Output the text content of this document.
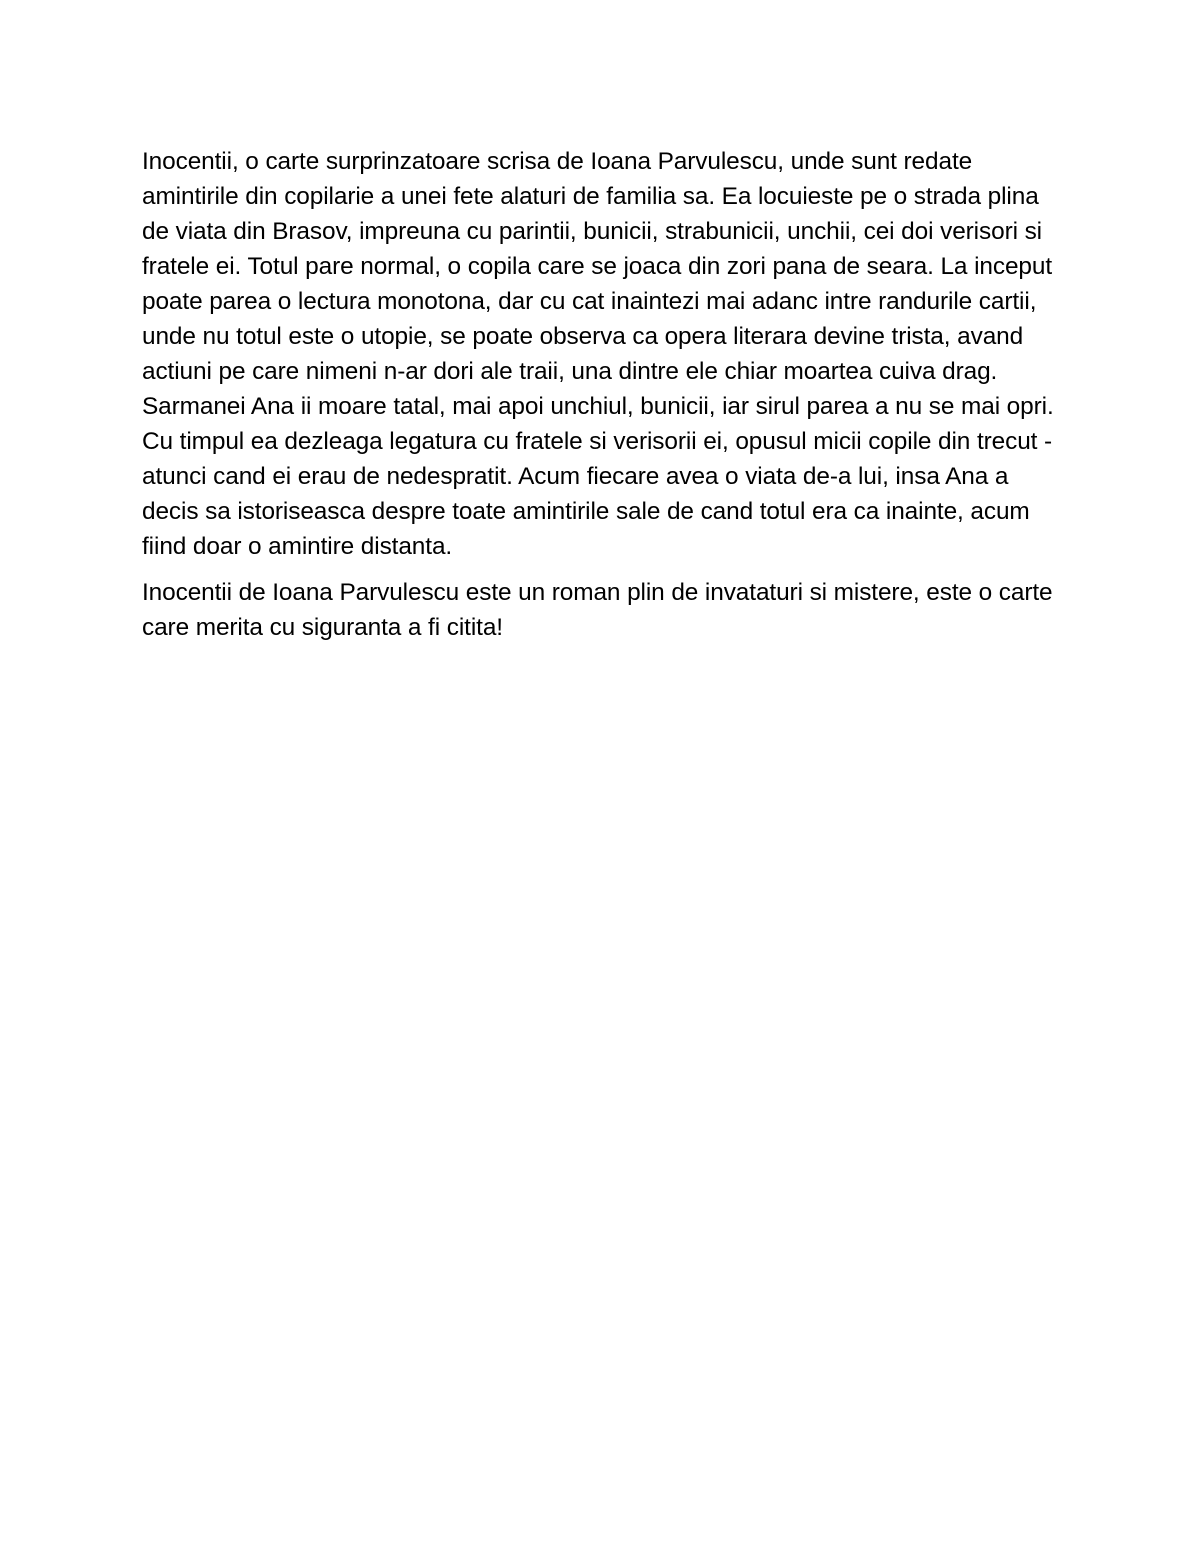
Inocentii, o carte surprinzatoare scrisa de Ioana Parvulescu, unde sunt redate amintirile din copilarie a unei fete alaturi de familia sa. Ea locuieste pe o strada plina de viata din Brasov, impreuna cu parintii, bunicii, strabunicii, unchii, cei doi verisori si fratele ei. Totul pare normal, o copila care se joaca din zori pana de seara. La inceput poate parea o lectura monotona, dar cu cat inaintezi mai adanc intre randurile cartii, unde nu totul este o utopie, se poate observa ca opera literara devine trista, avand actiuni pe care nimeni n-ar dori ale traii, una dintre ele chiar moartea cuiva drag. Sarmanei Ana ii moare tatal, mai apoi unchiul, bunicii, iar sirul parea a nu se mai opri. Cu timpul ea dezleaga legatura cu fratele si verisorii ei, opusul micii copile din trecut - atunci cand ei erau de nedespratit. Acum fiecare avea o viata de-a lui, insa Ana a decis sa istoriseasca despre toate amintirile sale de cand totul era ca inainte, acum fiind doar o amintire distanta.

Inocentii de Ioana Parvulescu este un roman plin de invataturi si mistere, este o carte care merita cu siguranta a fi citita!
